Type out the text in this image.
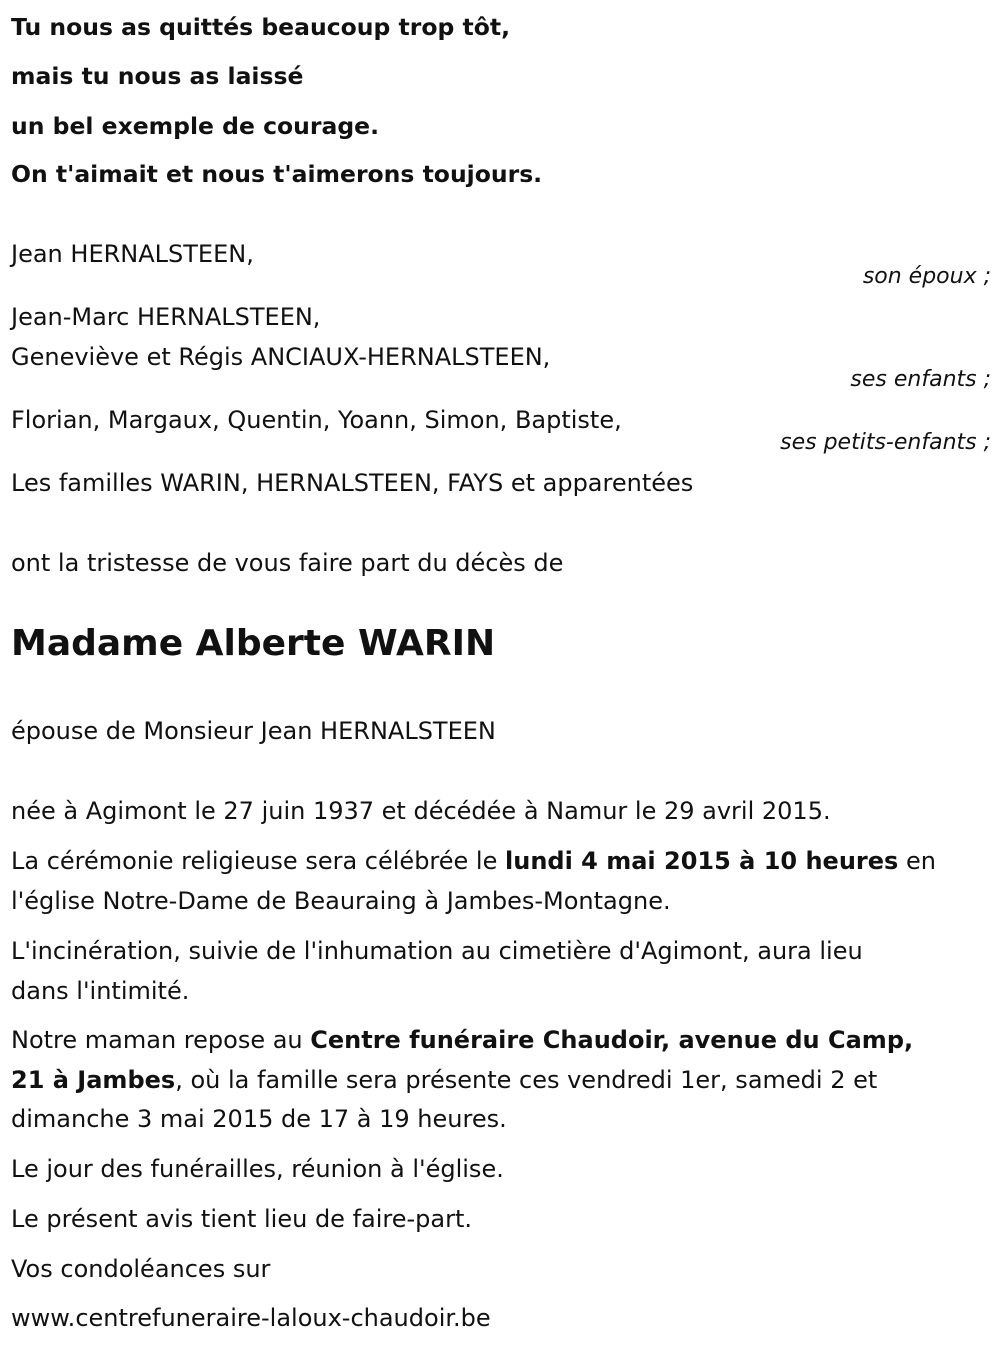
Tu nous as quittés beaucoup trop tôt,
mais tu nous as laissé
un bel exemple de courage.
On t'aimait et nous t'aimerons toujours.
Jean HERNALSTEEN,
son époux ;
Jean-Marc HERNALSTEEN,
Geneviève et Régis ANCIAUX-HERNALSTEEN,
ses enfants ;
Florian, Margaux, Quentin, Yoann, Simon, Baptiste,
ses petits-enfants ;
Les familles WARIN, HERNALSTEEN, FAYS et apparentées
ont la tristesse de vous faire part du décès de
Madame Alberte WARIN
épouse de Monsieur Jean HERNALSTEEN
née à Agimont le 27 juin 1937 et décédée à Namur le 29 avril 2015.
La cérémonie religieuse sera célébrée le lundi 4 mai 2015 à 10 heures en
l'église Notre-Dame de Beauraing à Jambes-Montagne.
L'incinération, suivie de l'inhumation au cimetière d'Agimont, aura lieu
dans l'intimité.
Notre maman repose au Centre funéraire Chaudoir, avenue du Camp,
21 à Jambes, où la famille sera présente ces vendredi 1er, samedi 2 et
dimanche 3 mai 2015 de 17 à 19 heures.
Le jour des funérailles, réunion à l'église.
Le présent avis tient lieu de faire-part.
Vos condoléances sur
www.centrefuneraire-laloux-chaudoir.be
